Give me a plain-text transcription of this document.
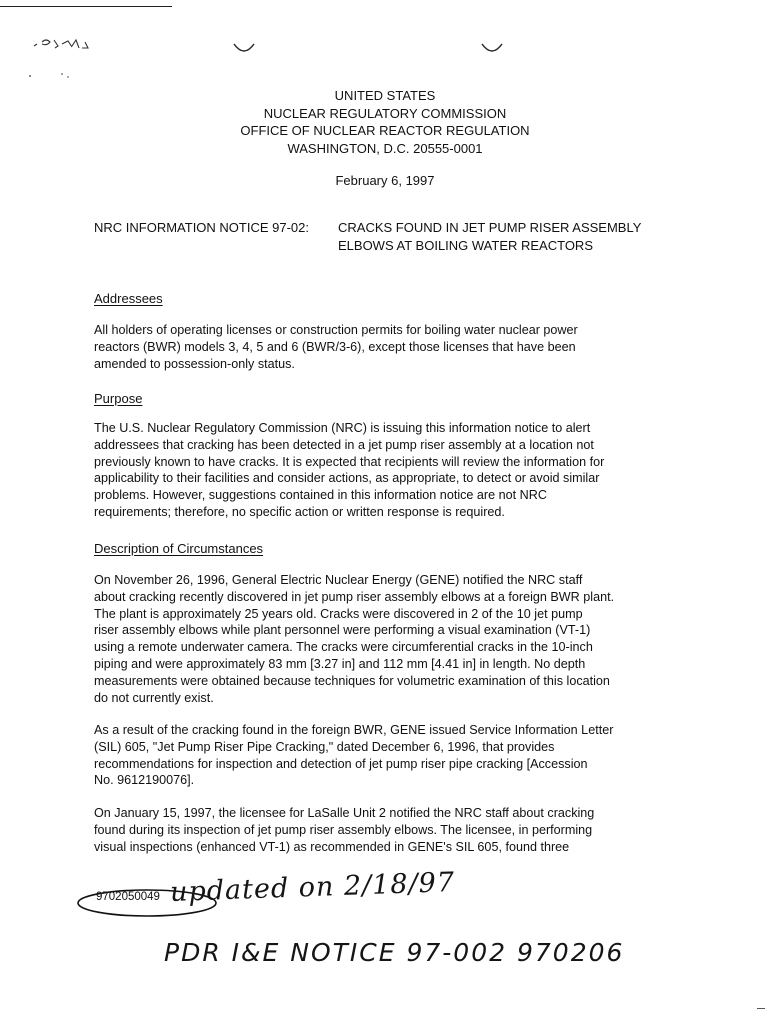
UNITED STATES
NUCLEAR REGULATORY COMMISSION
OFFICE OF NUCLEAR REACTOR REGULATION
WASHINGTON, D.C. 20555-0001
February 6, 1997
NRC INFORMATION NOTICE 97-02: CRACKS FOUND IN JET PUMP RISER ASSEMBLY
ELBOWS AT BOILING WATER REACTORS
Addressees
All holders of operating licenses or construction permits for boiling water nuclear power
reactors (BWR) models 3, 4, 5 and 6 (BWR/3-6), except those licenses that have been
amended to possession-only status.
Purpose
The U.S. Nuclear Regulatory Commission (NRC) is issuing this information notice to alert
addressees that cracking has been detected in a jet pump riser assembly at a location not
previously known to have cracks. It is expected that recipients will review the information for
applicability to their facilities and consider actions, as appropriate, to detect or avoid similar
problems. However, suggestions contained in this information notice are not NRC
requirements; therefore, no specific action or written response is required.
Description of Circumstances
On November 26, 1996, General Electric Nuclear Energy (GENE) notified the NRC staff
about cracking recently discovered in jet pump riser assembly elbows at a foreign BWR plant.
The plant is approximately 25 years old. Cracks were discovered in 2 of the 10 jet pump
riser assembly elbows while plant personnel were performing a visual examination (VT-1)
using a remote underwater camera. The cracks were circumferential cracks in the 10-inch
piping and were approximately 83 mm [3.27 in] and 112 mm [4.41 in] in length. No depth
measurements were obtained because techniques for volumetric examination of this location
do not currently exist.
As a result of the cracking found in the foreign BWR, GENE issued Service Information Letter
(SIL) 605, "Jet Pump Riser Pipe Cracking," dated December 6, 1996, that provides
recommendations for inspection and detection of jet pump riser pipe cracking [Accession
No. 9612190076].
On January 15, 1997, the licensee for LaSalle Unit 2 notified the NRC staff about cracking
found during its inspection of jet pump riser assembly elbows. The licensee, in performing
visual inspections (enhanced VT-1) as recommended in GENE's SIL 605, found three
9702050049 updated on 2/18/97
PDR I&E NOTICE 97-002 970206
